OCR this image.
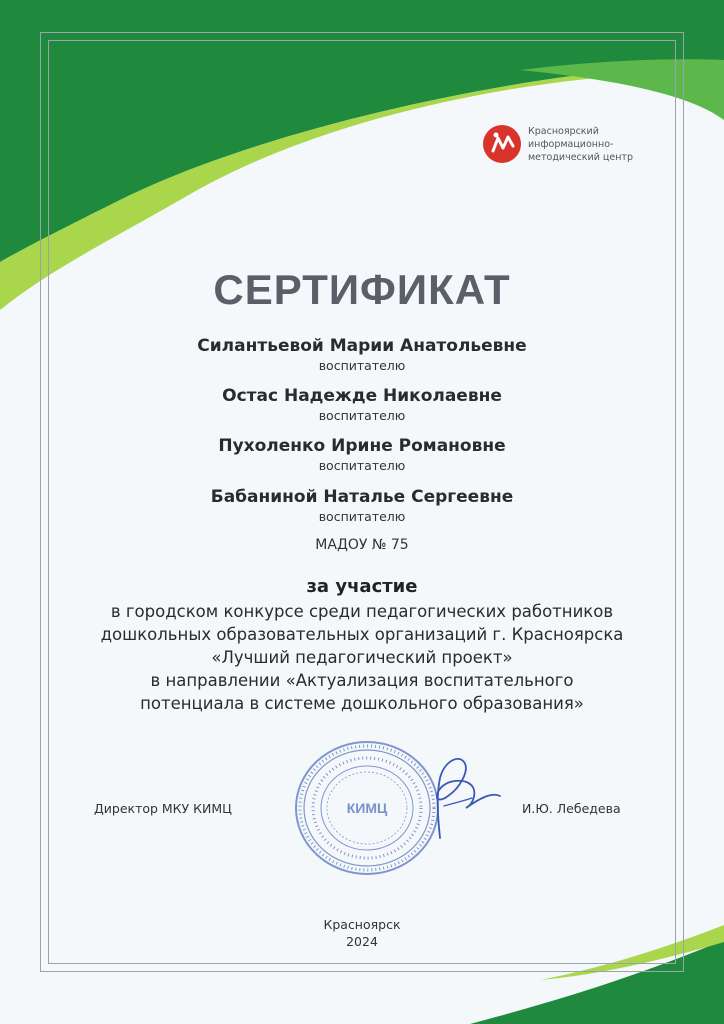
Красноярский
информационно-
методический центр
СЕРТИФИКАТ
Силантьевой Марии Анатольевне
воспитателю
Остас Надежде Николаевне
воспитателю
Пухоленко Ирине Романовне
воспитателю
Бабаниной Наталье Сергеевне
воспитателю
МАДОУ № 75
за участие
в городском конкурсе среди педагогических работников
дошкольных образовательных организаций г. Красноярска
«Лучший педагогический проект»
в направлении «Актуализация воспитательного
потенциала в системе дошкольного образования»
КИМЦ
Директор МКУ КИМЦ	И.Ю. Лебедева
Красноярск
2024
